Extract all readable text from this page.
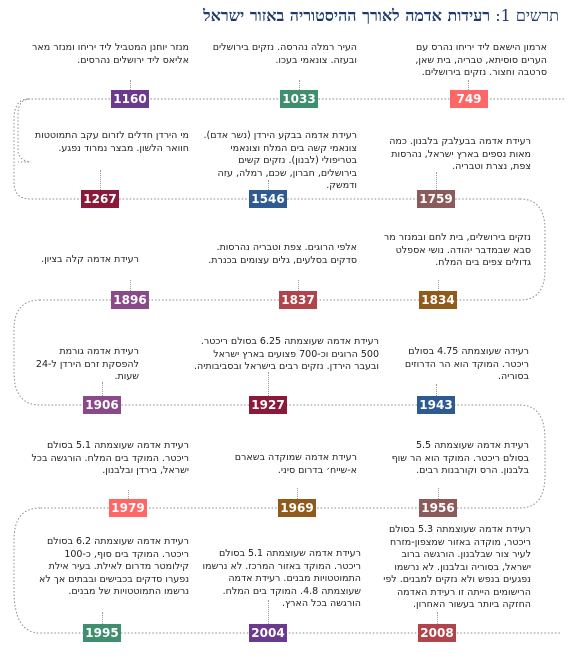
תרשים 1: רעידות אדמה לאורך ההיסטוריה באזור ישראל
ארמון הישאם ליד יריחו נהרס עם הערים סוסיתא, טבריה, בית שאן, סרטבה וחצור. נזקים בירושלים.
749
העיר רמלה נהרסה. נזקים בירושלים ובעזה. צונאמי בעכו.
1033
מנזר יוחנן המטביל ליד יריחו ומנזר מאר אליאס ליד ירושלים נהרסים.
1160
מי הירדן חדלים לזרום עקב התמוטטות חוואר הלשון. מבצר נמרוד נפגע.
1267
רעידת אדמה בבקע הירדן (נשר אדם). צונאמי קשה בים המלח וצונאמי בטריפולי (לבנון). נזקים קשים בירושלים, חברון, שכם, רמלה, עזה ודמשק.
1546
רעידת אדמה בבעלבק בלבנון. כמה מאות נספים בארץ ישראל, נהרסות צפת, נצרת וטבריה.
1759
נזקים בירושלים, בית לחם ובמנזר מר סבא שבמדבר יהודה. נושי אספלט גדולים צפים בים המלח.
1834
אלפי הרוגים. צפת וטבריה נהרסות. סדקים בסלעים, גלים עצומים בכנרת.
1837
רעידת אדמה קלה בציון.
1896
רעידת אדמה גורמת להפסקת זרם הירדן ל-24 שעות.
1906
רעידת אדמה שעוצמתה 6.25 בסולם ריכטר. 500 הרוגים וכ-700 פצועים בארץ ישראל ובעבר הירדן. נזקים רבים בישראל ובסביבותיה.
1927
רעידה שעוצמתה 4.75 בסולם ריכטר. המוקד הוא הר הדרוזים בסוריה.
1943
רעידת אדמה שעוצמתה 5.5 בסולם ריכטר. המוקד הוא הר שוף בלבנון. הרס וקורבנות רבים.
1956
רעידת אדמה שמוקדה בשארם א-שייח׳ בדרום סיני.
1969
רעידת אדמה שעוצמתה 5.1 בסולם ריכטר. המוקד בים המלח. הורגשה בכל ישראל, בירדן ובלבנון.
1979
רעידת אדמה שעוצמתה 6.2 בסולם ריכטר. המוקד בים סוף, כ-100 קילומטר מדרום לאילת. בעיר אילת נפערו סדקים בכבישים ובבתים אך לא נרשמו התמוטטויות של מבנים.
1995
רעידת אדמה שעוצמתה 5.1 בסולם ריכטר. המוקד באזור המרכז. לא נרשמו התמוטטויות מבנים. רעידת אדמה שעוצמתה 4.8. המוקד בים המלח. הורגשה בכל הארץ.
2004
רעידת אדמה שעוצמתה 5.3 בסולם ריכטר, מוקדה באזור שמצפון-מזרח לעיר צור שבלבנון. הורגשה ברוב ישראל, בסוריה ובלבנון. לא נרשמו נפגעים בנפש ולא נזקים למבנים. לפי הרישומים הייתה זו רעידת האדמה החזקה ביותר בעשור האחרון.
2008
